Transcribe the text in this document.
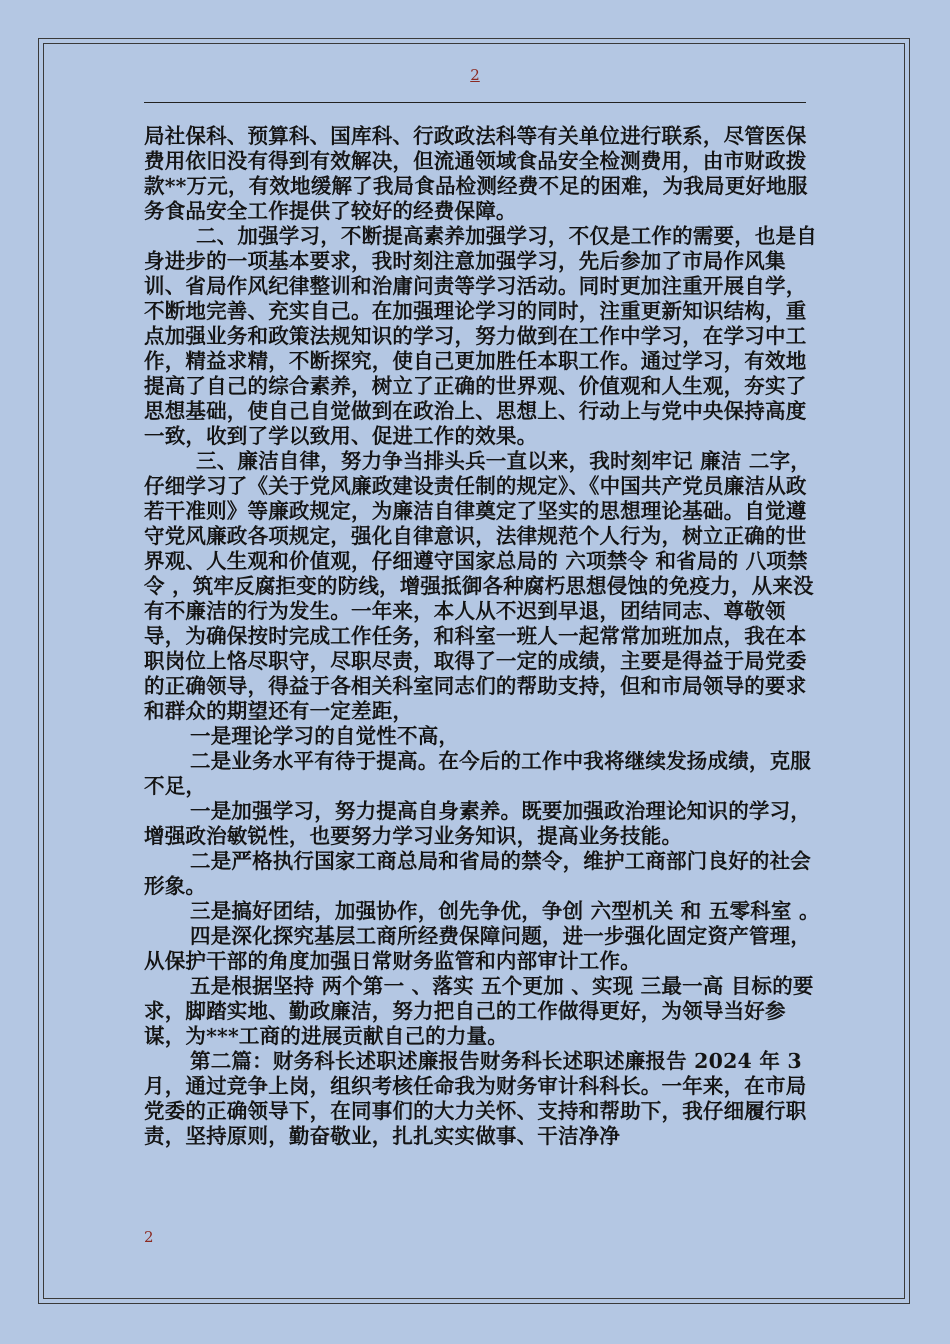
2

局社保科、预算科、国库科、行政政法科等有关单位进行联系，尽管医保费用依旧没有得到有效解决，但流通领域食品安全检测费用，由市财政拨款**万元，有效地缓解了我局食品检测经费不足的困难，为我局更好地服务食品安全工作提供了较好的经费保障。

二、加强学习，不断提高素养加强学习，不仅是工作的需要，也是自身进步的一项基本要求，我时刻注意加强学习，先后参加了市局作风集训、省局作风纪律整训和治庸问责等学习活动。同时更加注重开展自学，不断地完善、充实自己。在加强理论学习的同时，注重更新知识结构，重点加强业务和政策法规知识的学习，努力做到在工作中学习，在学习中工作，精益求精，不断探究，使自己更加胜任本职工作。通过学习，有效地提高了自己的综合素养，树立了正确的世界观、价值观和人生观，夯实了思想基础，使自己自觉做到在政治上、思想上、行动上与党中央保持高度一致，收到了学以致用、促进工作的效果。

三、廉洁自律，努力争当排头兵一直以来，我时刻牢记 廉洁 二字，仔细学习了《关于党风廉政建设责任制的规定》、《中国共产党员廉洁从政若干准则》等廉政规定，为廉洁自律奠定了坚实的思想理论基础。自觉遵守党风廉政各项规定，强化自律意识，法律规范个人行为，树立正确的世界观、人生观和价值观，仔细遵守国家总局的 六项禁令 和省局的 八项禁令 ，筑牢反腐拒变的防线，增强抵御各种腐朽思想侵蚀的免疫力，从来没有不廉洁的行为发生。一年来，本人从不迟到早退，团结同志、尊敬领导，为确保按时完成工作任务，和科室一班人一起常常加班加点，我在本职岗位上恪尽职守，尽职尽责，取得了一定的成绩，主要是得益于局党委的正确领导，得益于各相关科室同志们的帮助支持，但和市局领导的要求和群众的期望还有一定差距，

一是理论学习的自觉性不高，

二是业务水平有待于提高。在今后的工作中我将继续发扬成绩，克服不足，

一是加强学习，努力提高自身素养。既要加强政治理论知识的学习，增强政治敏锐性，也要努力学习业务知识，提高业务技能。

二是严格执行国家工商总局和省局的禁令，维护工商部门良好的社会形象。

三是搞好团结，加强协作，创先争优，争创 六型机关 和 五零科室 。

四是深化探究基层工商所经费保障问题，进一步强化固定资产管理，从保护干部的角度加强日常财务监管和内部审计工作。

五是根据坚持 两个第一 、落实 五个更加 、实现 三最一高 目标的要求，脚踏实地、勤政廉洁，努力把自己的工作做得更好，为领导当好参谋，为***工商的进展贡献自己的力量。

第二篇：财务科长述职述廉报告财务科长述职述廉报告 2024 年 3 月，通过竞争上岗，组织考核任命我为财务审计科科长。一年来，在市局党委的正确领导下，在同事们的大力关怀、支持和帮助下，我仔细履行职责，坚持原则，勤奋敬业，扎扎实实做事、干洁净净

2
